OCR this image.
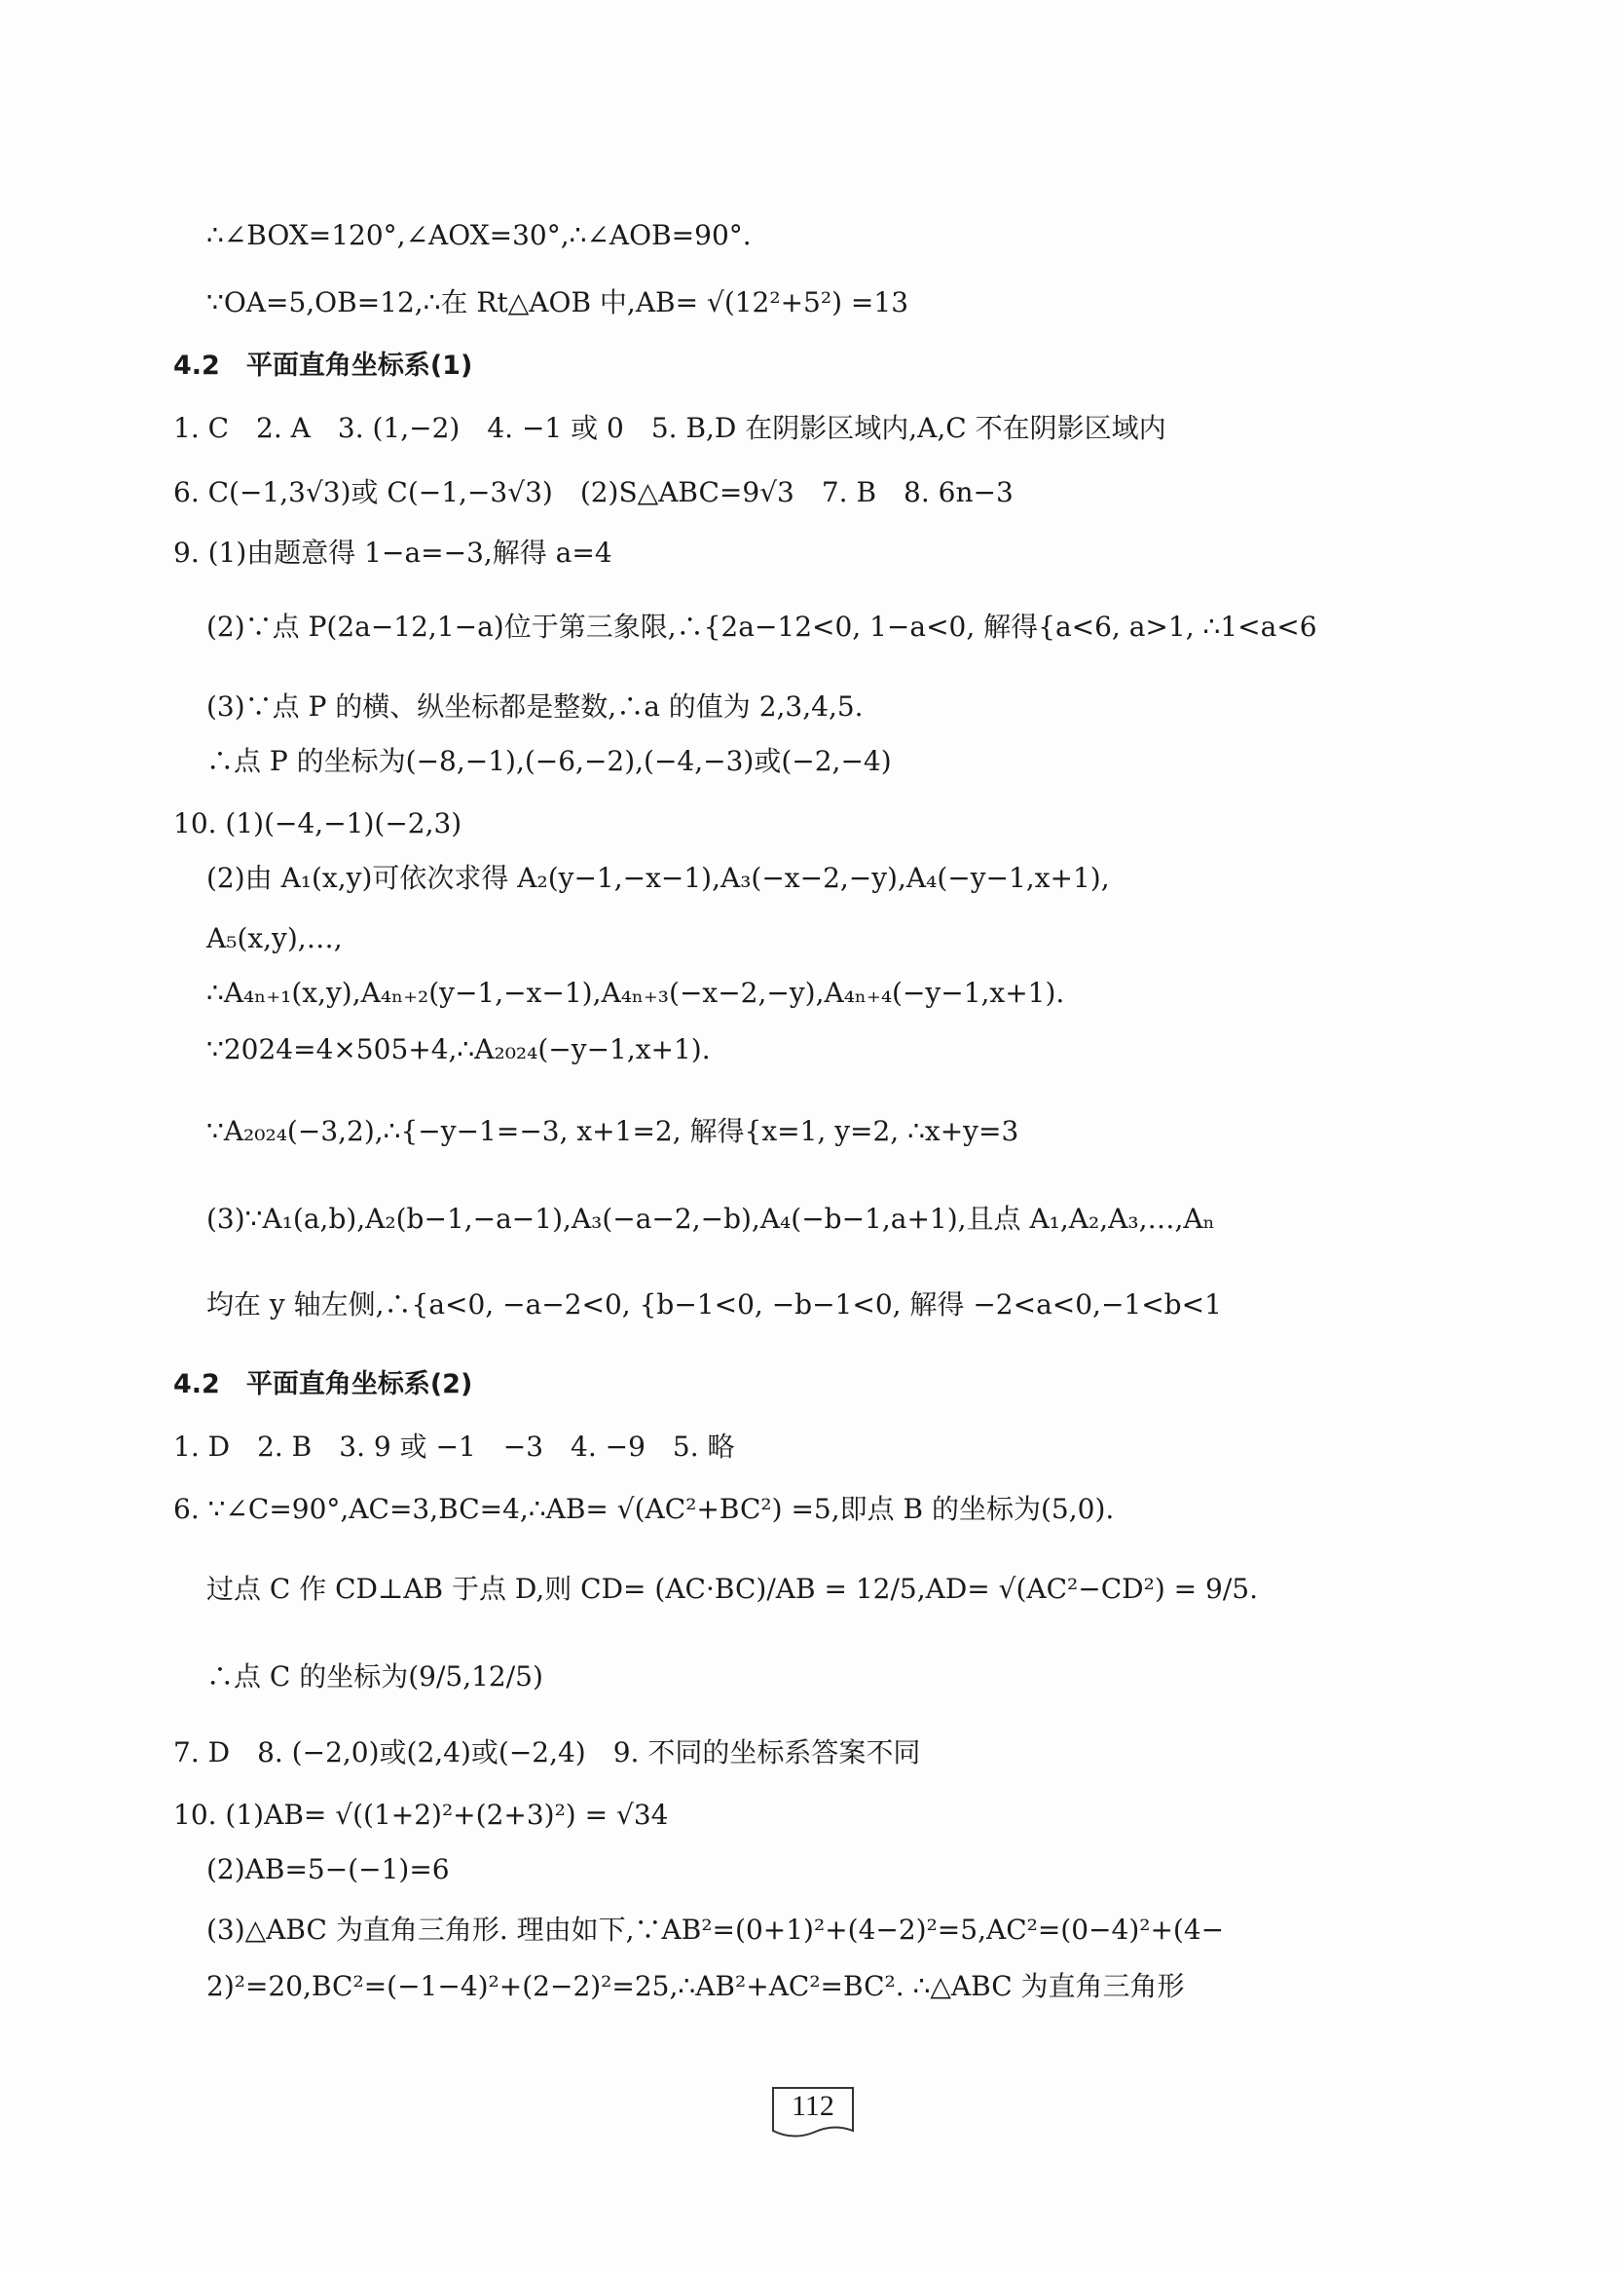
∴∠BOX=120°,∠AOX=30°,∴∠AOB=90°.
∵OA=5,OB=12,∴在 Rt△AOB 中,AB= √(12²+5²) =13
4.2　平面直角坐标系(1)
1. C　2. A　3. (1,−2)　4. −1 或 0　5. B,D 在阴影区域内,A,C 不在阴影区域内
6. C(−1,3√3)或 C(−1,−3√3)　(2)S△ABC=9√3　7. B　8. 6n−3
9. (1)由题意得 1−a=−3,解得 a=4
(2)∵点 P(2a−12,1−a)位于第三象限,∴{2a−12<0, 1−a<0, 解得{a<6, a>1, ∴1<a<6
(3)∵点 P 的横、纵坐标都是整数,∴a 的值为 2,3,4,5.
∴点 P 的坐标为(−8,−1),(−6,−2),(−4,−3)或(−2,−4)
10. (1)(−4,−1)(−2,3)
(2)由 A₁(x,y)可依次求得 A₂(y−1,−x−1),A₃(−x−2,−y),A₄(−y−1,x+1),
A₅(x,y),…,
∴A₄ₙ₊₁(x,y),A₄ₙ₊₂(y−1,−x−1),A₄ₙ₊₃(−x−2,−y),A₄ₙ₊₄(−y−1,x+1).
∵2024=4×505+4,∴A₂₀₂₄(−y−1,x+1).
∵A₂₀₂₄(−3,2),∴{−y−1=−3, x+1=2, 解得{x=1, y=2, ∴x+y=3
(3)∵A₁(a,b),A₂(b−1,−a−1),A₃(−a−2,−b),A₄(−b−1,a+1),且点 A₁,A₂,A₃,…,Aₙ
均在 y 轴左侧,∴{a<0, −a−2<0, {b−1<0, −b−1<0, 解得 −2<a<0,−1<b<1
4.2　平面直角坐标系(2)
1. D　2. B　3. 9 或 −1　−3　4. −9　5. 略
6. ∵∠C=90°,AC=3,BC=4,∴AB= √(AC²+BC²) =5,即点 B 的坐标为(5,0).
过点 C 作 CD⊥AB 于点 D,则 CD= (AC·BC)/AB = 12/5,AD= √(AC²−CD²) = 9/5.
∴点 C 的坐标为(9/5,12/5)
7. D　8. (−2,0)或(2,4)或(−2,4)　9. 不同的坐标系答案不同
10. (1)AB= √((1+2)²+(2+3)²) = √34
(2)AB=5−(−1)=6
(3)△ABC 为直角三角形. 理由如下,∵AB²=(0+1)²+(4−2)²=5,AC²=(0−4)²+(4−
2)²=20,BC²=(−1−4)²+(2−2)²=25,∴AB²+AC²=BC². ∴△ABC 为直角三角形
112
